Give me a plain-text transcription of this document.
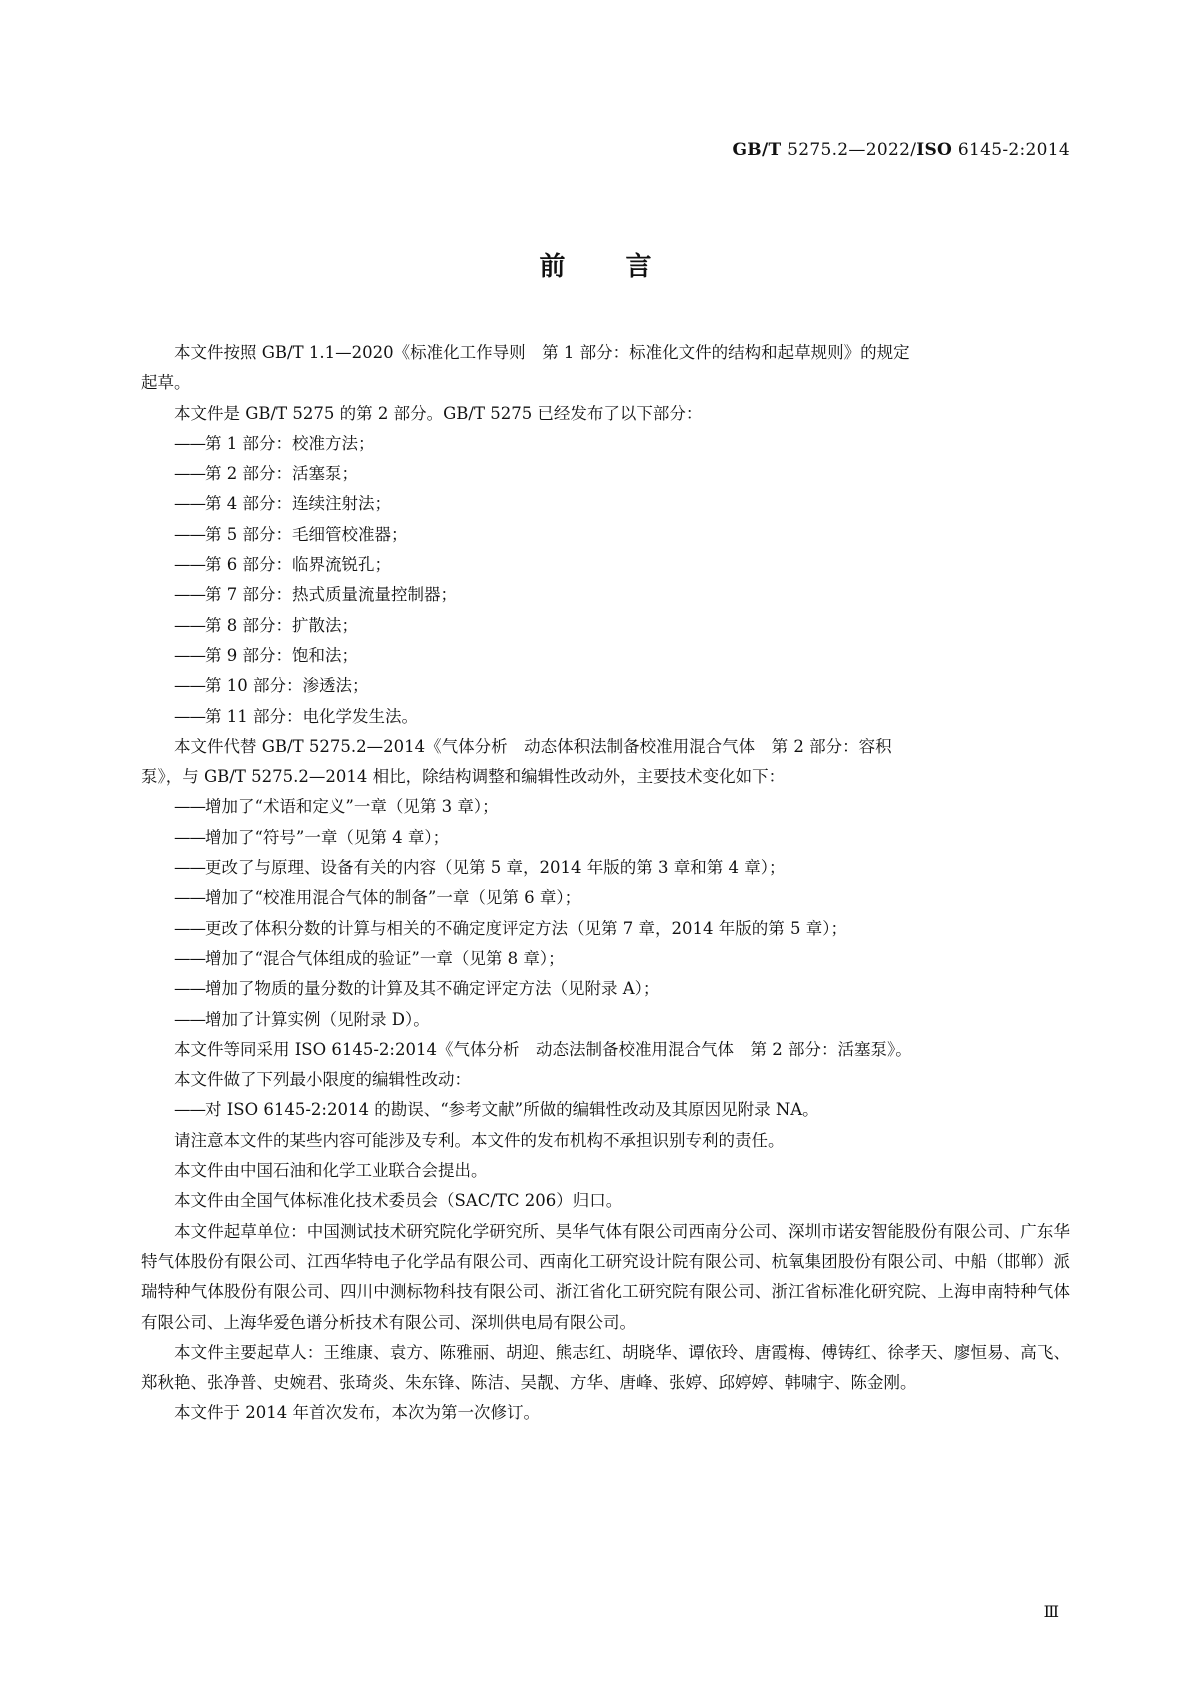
GB/T 5275.2—2022/ISO 6145-2:2014
前 言

本文件按照 GB/T 1.1—2020《标准化工作导则　第 1 部分：标准化文件的结构和起草规则》的规定

起草。

本文件是 GB/T 5275 的第 2 部分。GB/T 5275 已经发布了以下部分：

——第 1 部分：校准方法；

——第 2 部分：活塞泵；

——第 4 部分：连续注射法；

——第 5 部分：毛细管校准器；

——第 6 部分：临界流锐孔；

——第 7 部分：热式质量流量控制器；

——第 8 部分：扩散法；

——第 9 部分：饱和法；

——第 10 部分：渗透法；

——第 11 部分：电化学发生法。

本文件代替 GB/T 5275.2—2014《气体分析　动态体积法制备校准用混合气体　第 2 部分：容积

泵》，与 GB/T 5275.2—2014 相比，除结构调整和编辑性改动外，主要技术变化如下：

——增加了“术语和定义”一章（见第 3 章）；

——增加了“符号”一章（见第 4 章）；

——更改了与原理、设备有关的内容（见第 5 章，2014 年版的第 3 章和第 4 章）；

——增加了“校准用混合气体的制备”一章（见第 6 章）；

——更改了体积分数的计算与相关的不确定度评定方法（见第 7 章，2014 年版的第 5 章）；

——增加了“混合气体组成的验证”一章（见第 8 章）；

——增加了物质的量分数的计算及其不确定评定方法（见附录 A）；

——增加了计算实例（见附录 D）。

本文件等同采用 ISO 6145-2:2014《气体分析　动态法制备校准用混合气体　第 2 部分：活塞泵》。

本文件做了下列最小限度的编辑性改动：

——对 ISO 6145-2:2014 的勘误、“参考文献”所做的编辑性改动及其原因见附录 NA。

请注意本文件的某些内容可能涉及专利。本文件的发布机构不承担识别专利的责任。

本文件由中国石油和化学工业联合会提出。

本文件由全国气体标准化技术委员会（SAC/TC 206）归口。

本文件起草单位：中国测试技术研究院化学研究所、昊华气体有限公司西南分公司、深圳市诺安智能股份有限公司、广东华特气体股份有限公司、江西华特电子化学品有限公司、西南化工研究设计院有限公司、杭氧集团股份有限公司、中船（邯郸）派瑞特种气体股份有限公司、四川中测标物科技有限公司、浙江省化工研究院有限公司、浙江省标准化研究院、上海申南特种气体有限公司、上海华爱色谱分析技术有限公司、深圳供电局有限公司。

本文件主要起草人：王维康、袁方、陈雅丽、胡迎、熊志红、胡晓华、谭依玲、唐霞梅、傅铸红、徐孝天、廖恒易、高飞、郑秋艳、张净普、史婉君、张琦炎、朱东锋、陈洁、吴靓、方华、唐峰、张婷、邱婷婷、韩啸宇、陈金刚。

本文件于 2014 年首次发布，本次为第一次修订。

Ⅲ
